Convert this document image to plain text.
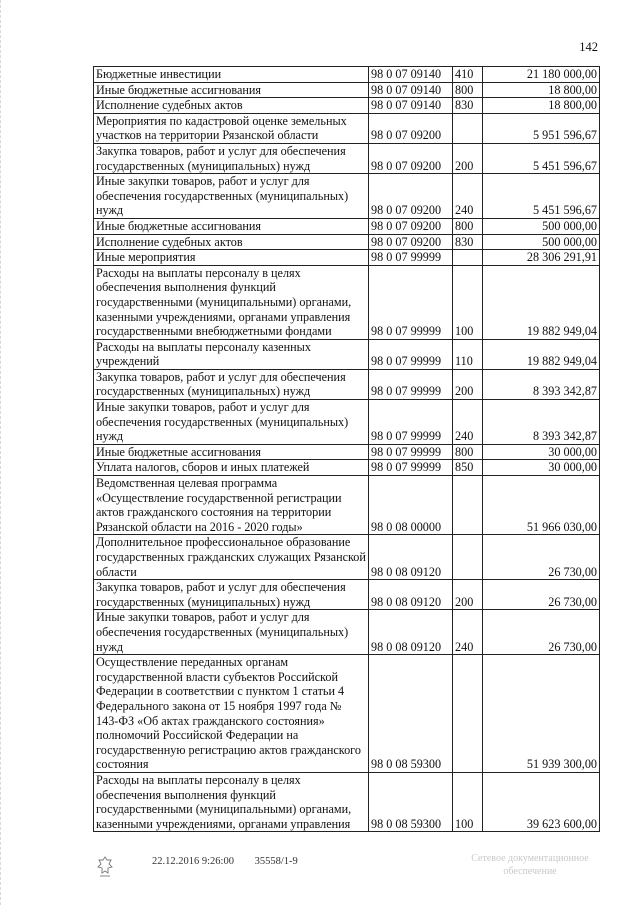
142
Бюджетные инвестиции	98 0 07 09140	410	21 180 000,00
Иные бюджетные ассигнования	98 0 07 09140	800	18 800,00
Исполнение судебных актов	98 0 07 09140	830	18 800,00
Мероприятия по кадастровой оценке земельных участков на территории Рязанской области	98 0 07 09200		5 951 596,67
Закупка товаров, работ и услуг для обеспечения государственных (муниципальных) нужд	98 0 07 09200	200	5 451 596,67
Иные закупки товаров, работ и услуг для обеспечения государственных (муниципальных) нужд	98 0 07 09200	240	5 451 596,67
Иные бюджетные ассигнования	98 0 07 09200	800	500 000,00
Исполнение судебных актов	98 0 07 09200	830	500 000,00
Иные мероприятия	98 0 07 99999		28 306 291,91
Расходы на выплаты персоналу в целях обеспечения выполнения функций государственными (муниципальными) органами, казенными учреждениями, органами управления государственными внебюджетными фондами	98 0 07 99999	100	19 882 949,04
Расходы на выплаты персоналу казенных учреждений	98 0 07 99999	110	19 882 949,04
Закупка товаров, работ и услуг для обеспечения государственных (муниципальных) нужд	98 0 07 99999	200	8 393 342,87
Иные закупки товаров, работ и услуг для обеспечения государственных (муниципальных) нужд	98 0 07 99999	240	8 393 342,87
Иные бюджетные ассигнования	98 0 07 99999	800	30 000,00
Уплата налогов, сборов и иных платежей	98 0 07 99999	850	30 000,00
Ведомственная целевая программа «Осуществление государственной регистрации актов гражданского состояния на территории Рязанской области на 2016 - 2020 годы»	98 0 08 00000		51 966 030,00
Дополнительное профессиональное образование государственных гражданских служащих Рязанской области	98 0 08 09120		26 730,00
Закупка товаров, работ и услуг для обеспечения государственных (муниципальных) нужд	98 0 08 09120	200	26 730,00
Иные закупки товаров, работ и услуг для обеспечения государственных (муниципальных) нужд	98 0 08 09120	240	26 730,00
Осуществление переданных органам государственной власти субъектов Российской Федерации в соответствии с пунктом 1 статьи 4 Федерального закона от 15 ноября 1997 года № 143-ФЗ «Об актах гражданского состояния» полномочий Российской Федерации на государственную регистрацию актов гражданского состояния	98 0 08 59300		51 939 300,00
Расходы на выплаты персоналу в целях обеспечения выполнения функций государственными (муниципальными) органами, казенными учреждениями, органами управления	98 0 08 59300	100	39 623 600,00
22.12.2016 9:26:00 35558/1-9	Сетевое документационное обеспечение
